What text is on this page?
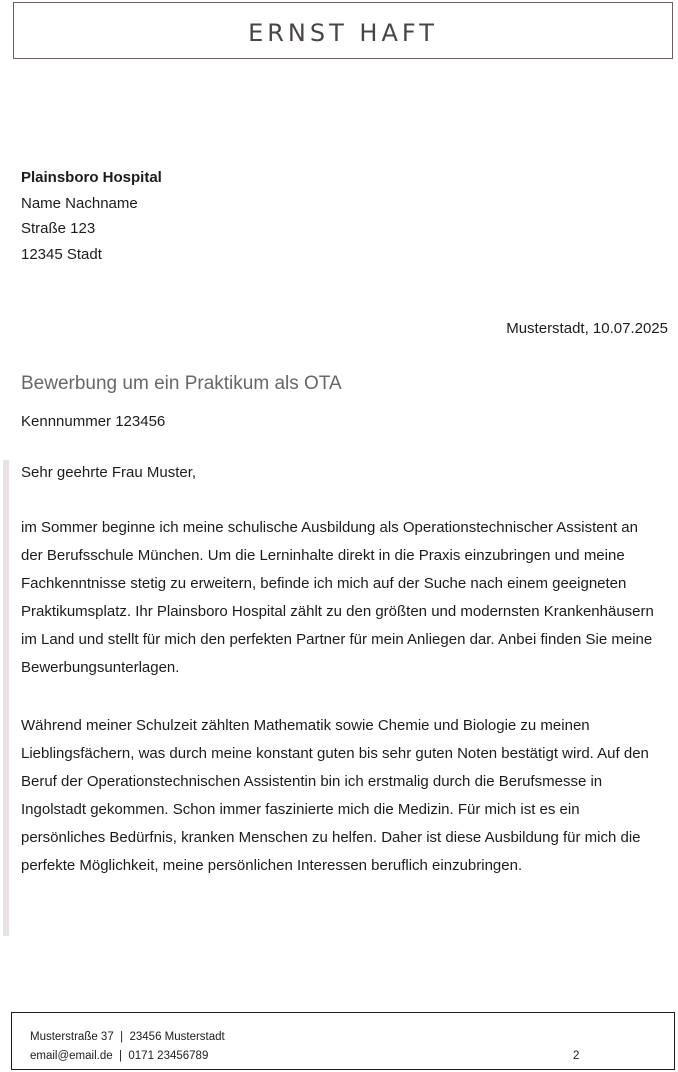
ERNST HAFT
Plainsboro Hospital
Name Nachname
Straße 123
12345 Stadt
Musterstadt, 10.07.2025
Bewerbung um ein Praktikum als OTA
Kennnummer 123456
Sehr geehrte Frau Muster,

im Sommer beginne ich meine schulische Ausbildung als Operationstechnischer Assistent an der Berufsschule München. Um die Lerninhalte direkt in die Praxis einzubringen und meine Fachkenntnisse stetig zu erweitern, befinde ich mich auf der Suche nach einem geeigneten Praktikumsplatz. Ihr Plainsboro Hospital zählt zu den größten und modernsten Krankenhäusern im Land und stellt für mich den perfekten Partner für mein Anliegen dar. Anbei finden Sie meine Bewerbungsunterlagen.

Während meiner Schulzeit zählten Mathematik sowie Chemie und Biologie zu meinen Lieblingsfächern, was durch meine konstant guten bis sehr guten Noten bestätigt wird. Auf den Beruf der Operationstechnischen Assistentin bin ich erstmalig durch die Berufsmesse in Ingolstadt gekommen. Schon immer faszinierte mich die Medizin. Für mich ist es ein persönliches Bedürfnis, kranken Menschen zu helfen. Daher ist diese Ausbildung für mich die perfekte Möglichkeit, meine persönlichen Interessen beruflich einzubringen.

Musterstraße 37  |  23456 Musterstadt
email@email.de  |  0171 23456789	2
